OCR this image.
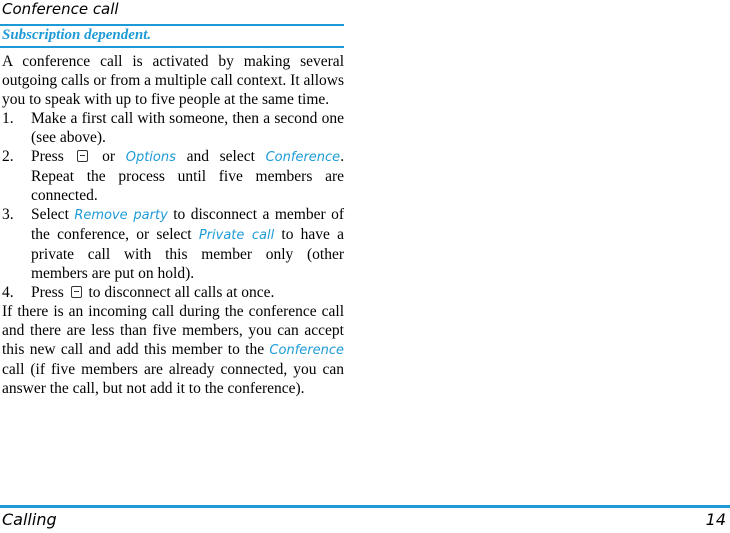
Conference call
Subscription dependent.

A conference call is activated by making several outgoing calls or from a multiple call context. It allows you to speak with up to five people at the same time.

1. Make a first call with someone, then a second one (see above).
2. Press or Options and select Conference. Repeat the process until five members are connected.
3. Select Remove party to disconnect a member of the conference, or select Private call to have a private call with this member only (other members are put on hold).
4. Press to disconnect all calls at once.

If there is an incoming call during the conference call and there are less than five members, you can accept this new call and add this member to the Conference call (if five members are already connected, you can answer the call, but not add it to the conference).

Calling	14
